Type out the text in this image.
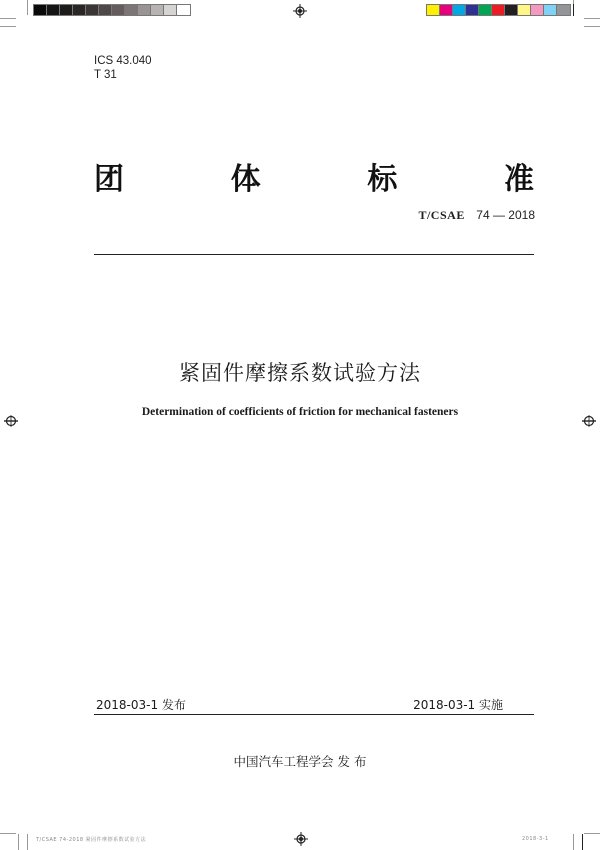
ICS 43.040
T 31
团	体	标	准
T/CSAE 74 — 2018
紧固件摩擦系数试验方法
Determination of coefficients of friction for mechanical fasteners
2018-03-1 发布	2018-03-1 实施
中国汽车工程学会 发 布
T/CSAE 74-2018 紧固件摩擦系数试验方法	2018-3-1
